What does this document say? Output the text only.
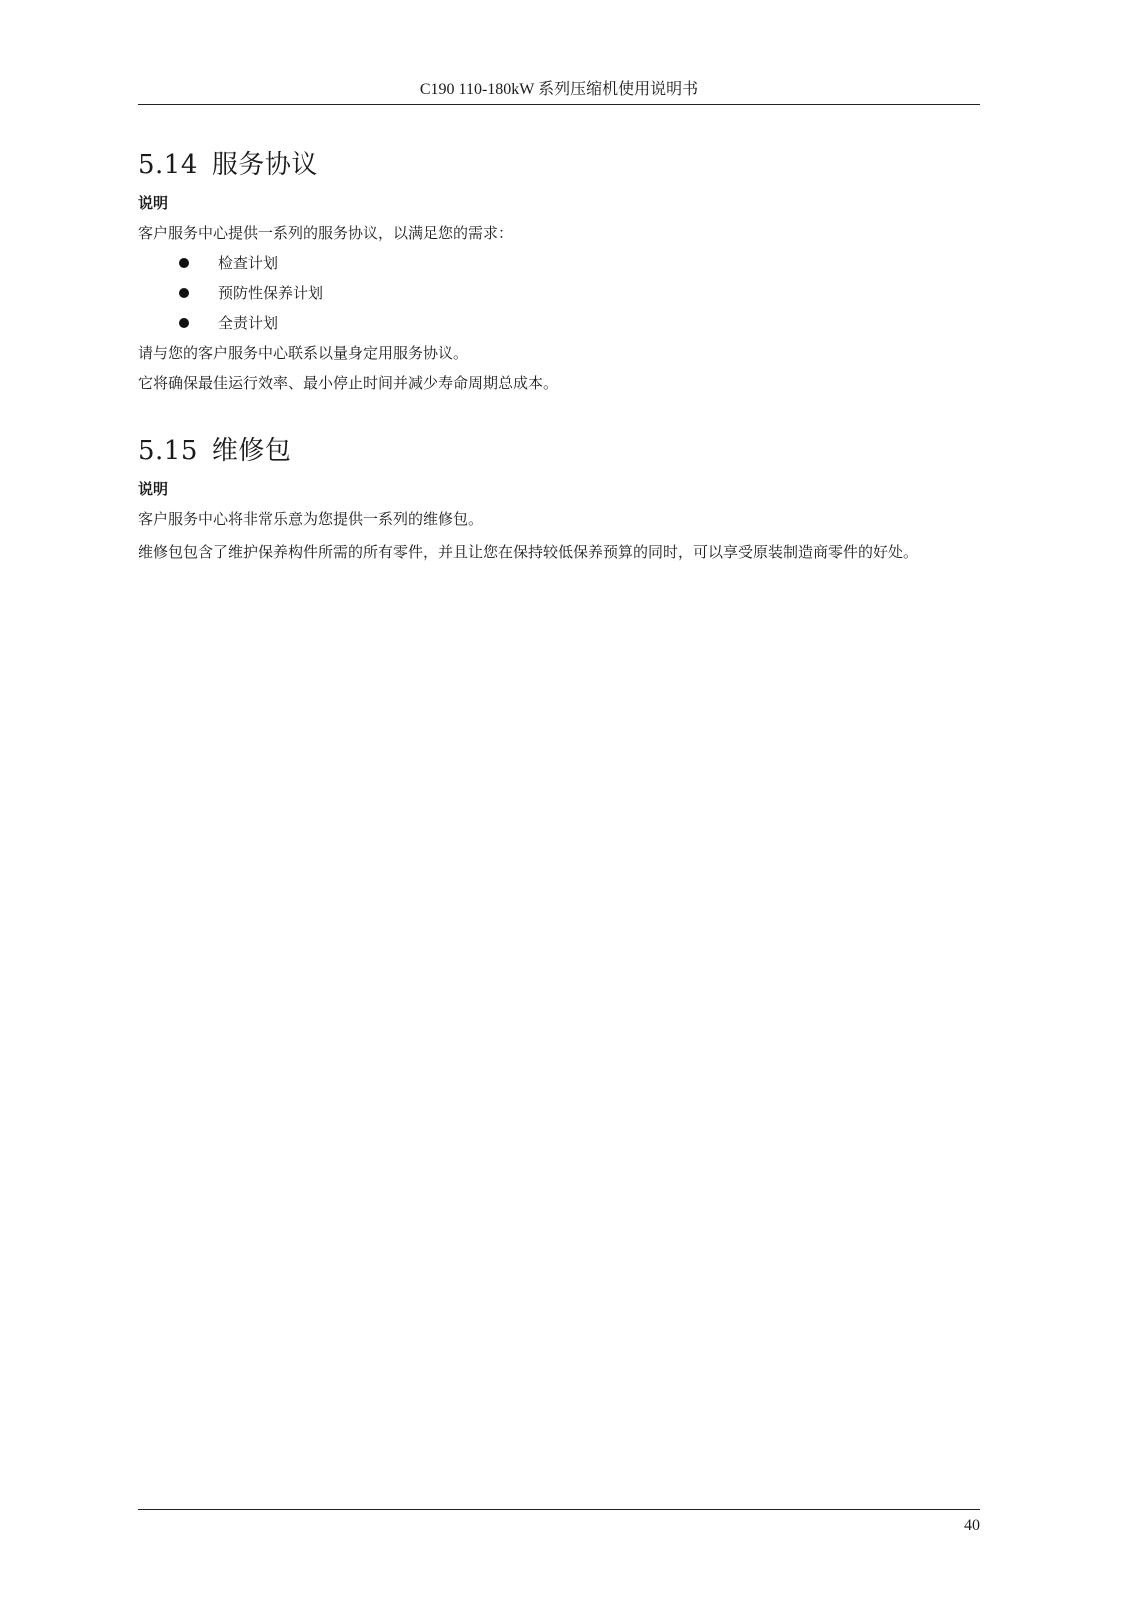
C190 110-180kW 系列压缩机使用说明书
5.14 服务协议
说明

客户服务中心提供一系列的服务协议，以满足您的需求：

检查计划
预防性保养计划
全责计划

请与您的客户服务中心联系以量身定用服务协议。

它将确保最佳运行效率、最小停止时间并减少寿命周期总成本。

5.15 维修包
说明

客户服务中心将非常乐意为您提供一系列的维修包。

维修包包含了维护保养构件所需的所有零件，并且让您在保持较低保养预算的同时，可以享受原装制造商零件的好处。

40
